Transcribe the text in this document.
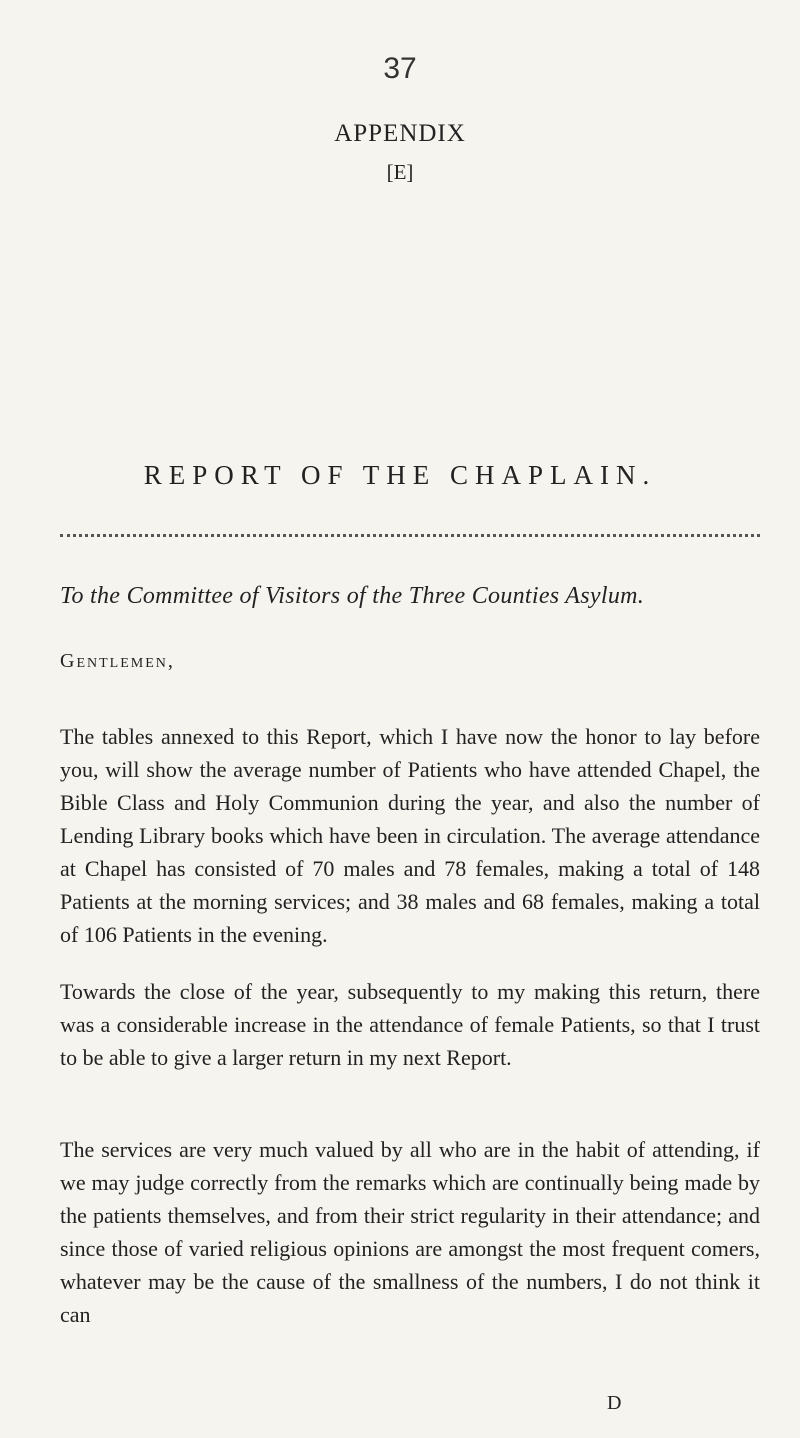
37
APPENDIX
[E]
REPORT OF THE CHAPLAIN.
To the Committee of Visitors of the Three Counties Asylum.
Gentlemen,

The tables annexed to this Report, which I have now the honor to lay before you, will show the average number of Patients who have attended Chapel, the Bible Class and Holy Communion during the year, and also the number of Lending Library books which have been in circulation. The average attendance at Chapel has consisted of 70 males and 78 females, making a total of 148 Patients at the morning services; and 38 males and 68 females, making a total of 106 Patients in the evening.

Towards the close of the year, subsequently to my making this return, there was a considerable increase in the attendance of female Patients, so that I trust to be able to give a larger return in my next Report.

The services are very much valued by all who are in the habit of attending, if we may judge correctly from the remarks which are continually being made by the patients themselves, and from their strict regularity in their attendance; and since those of varied religious opinions are amongst the most frequent comers, whatever may be the cause of the smallness of the numbers, I do not think it can

D
